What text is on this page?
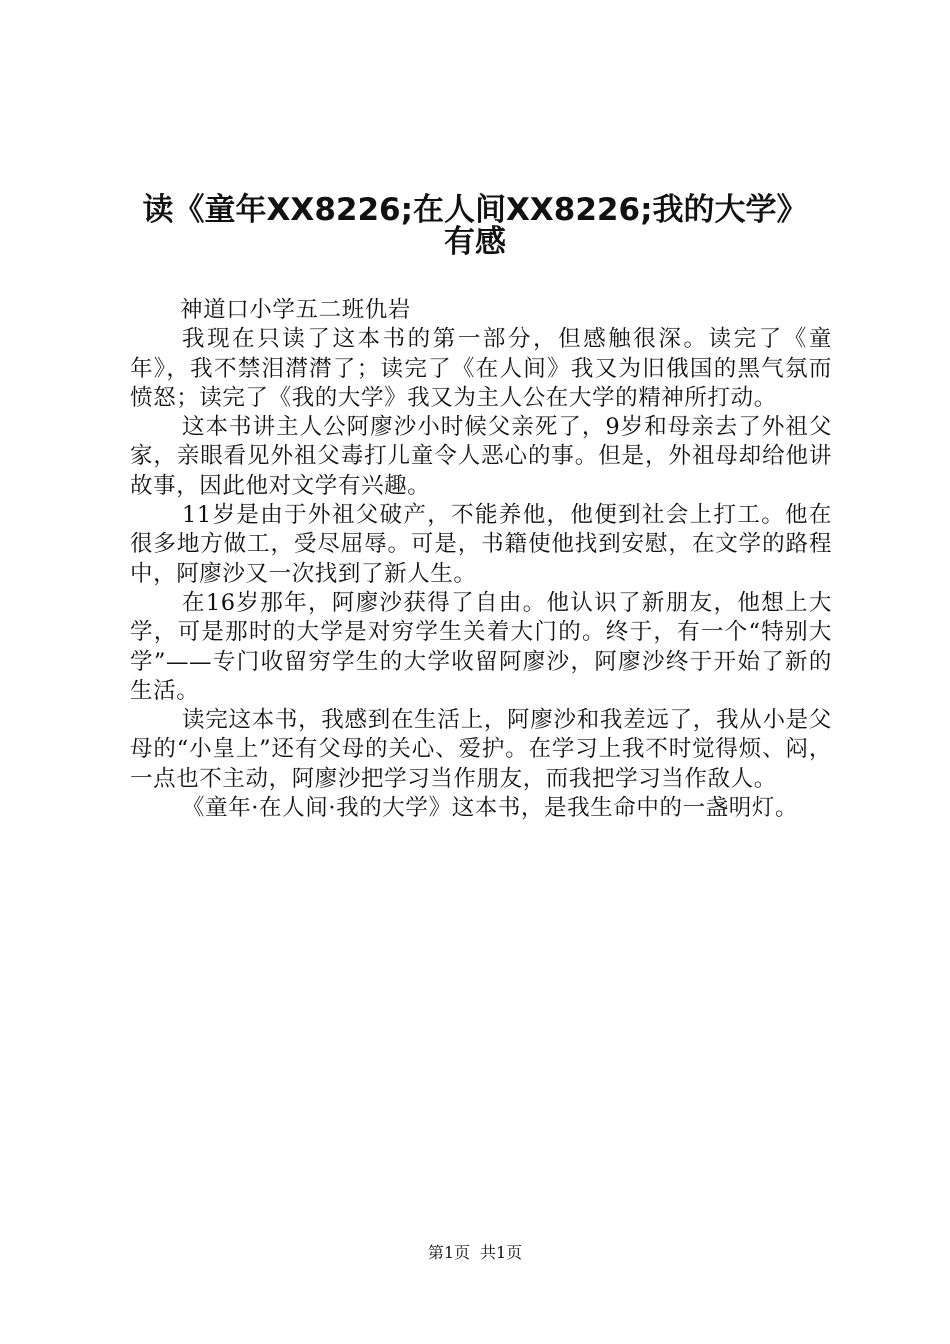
读《童年XX8226;在人间XX8226;我的大学》
有感

神道口小学五二班仇岩

我现在只读了这本书的第一部分，但感触很深。读完了《童年》，我不禁泪潸潸了；读完了《在人间》我又为旧俄国的黑气氛而愤怒；读完了《我的大学》我又为主人公在大学的精神所打动。

这本书讲主人公阿廖沙小时候父亲死了，9岁和母亲去了外祖父家，亲眼看见外祖父毒打儿童令人恶心的事。但是，外祖母却给他讲故事，因此他对文学有兴趣。

11岁是由于外祖父破产，不能养他，他便到社会上打工。他在很多地方做工，受尽屈辱。可是，书籍使他找到安慰，在文学的路程中，阿廖沙又一次找到了新人生。

在16岁那年，阿廖沙获得了自由。他认识了新朋友，他想上大学，可是那时的大学是对穷学生关着大门的。终于，有一个“特别大学”——专门收留穷学生的大学收留阿廖沙，阿廖沙终于开始了新的生活。

读完这本书，我感到在生活上，阿廖沙和我差远了，我从小是父母的“小皇上”还有父母的关心、爱护。在学习上我不时觉得烦、闷，一点也不主动，阿廖沙把学习当作朋友，而我把学习当作敌人。

《童年·在人间·我的大学》这本书，是我生命中的一盏明灯。

第1页 共1页
